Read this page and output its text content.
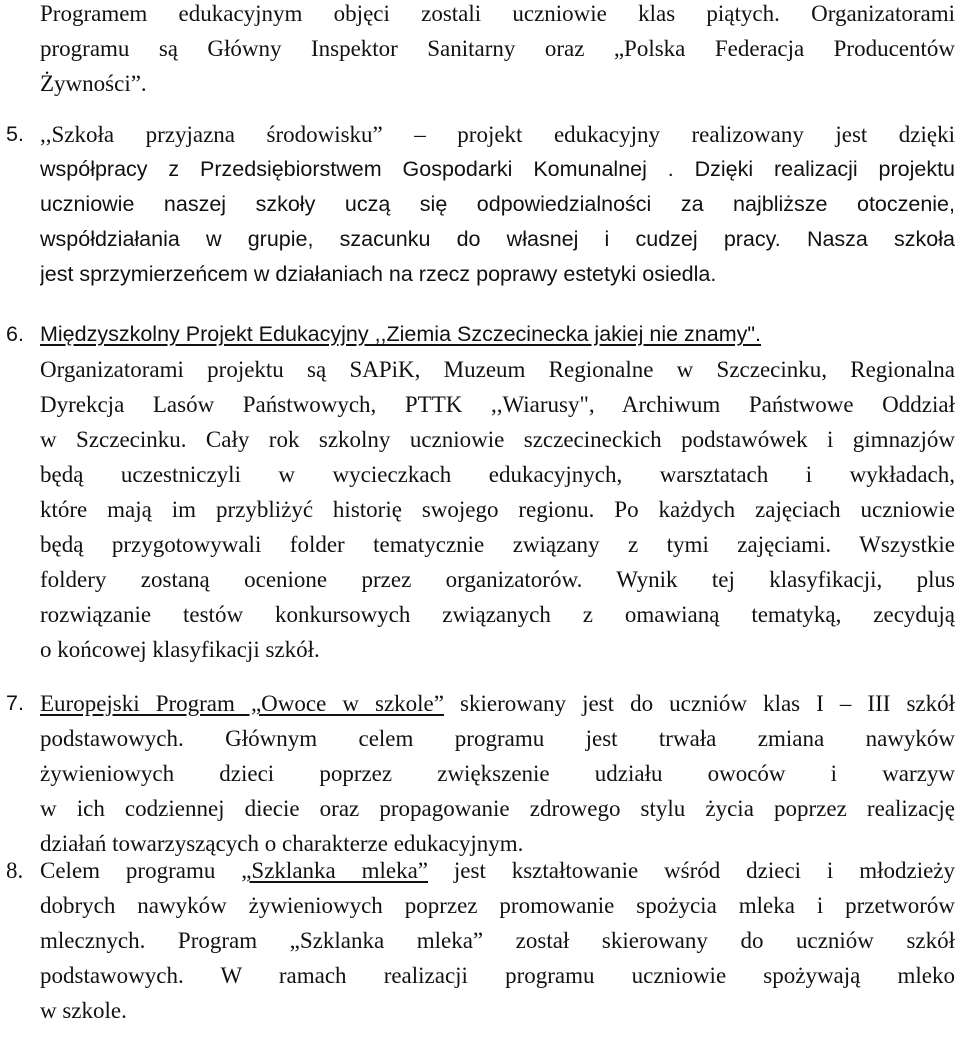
Programem edukacyjnym objęci zostali uczniowie klas piątych. Organizatorami
programu są Główny Inspektor Sanitarny oraz „Polska Federacja Producentów
Żywności”.
5. ,,Szkoła przyjazna środowisku” – projekt edukacyjny realizowany jest dzięki
współpracy z Przedsiębiorstwem Gospodarki Komunalnej . Dzięki realizacji projektu
uczniowie naszej szkoły uczą się odpowiedzialności za najbliższe otoczenie,
współdziałania w grupie, szacunku do własnej i cudzej pracy. Nasza szkoła
jest sprzymierzeńcem w działaniach na rzecz poprawy estetyki osiedla.
6. Międzyszkolny Projekt Edukacyjny ,,Ziemia Szczecinecka jakiej nie znamy".
Organizatorami projektu są SAPiK, Muzeum Regionalne w Szczecinku, Regionalna
Dyrekcja Lasów Państwowych, PTTK ,,Wiarusy", Archiwum Państwowe Oddział
w Szczecinku. Cały rok szkolny uczniowie szczecineckich podstawówek i gimnazjów
będą uczestniczyli w wycieczkach edukacyjnych, warsztatach i wykładach,
które mają im przybliżyć historię swojego regionu. Po każdych zajęciach uczniowie
będą przygotowywali folder tematycznie związany z tymi zajęciami. Wszystkie
foldery zostaną ocenione przez organizatorów. Wynik tej klasyfikacji, plus
rozwiązanie testów konkursowych związanych z omawianą tematyką, zecydują
o końcowej klasyfikacji szkół.
7. Europejski Program „Owoce w szkole” skierowany jest do uczniów klas I – III szkół
podstawowych. Głównym celem programu jest trwała zmiana nawyków
żywieniowych dzieci poprzez zwiększenie udziału owoców i warzyw
w ich codziennej diecie oraz propagowanie zdrowego stylu życia poprzez realizację
działań towarzyszących o charakterze edukacyjnym.
8. Celem programu „Szklanka mleka” jest kształtowanie wśród dzieci i młodzieży
dobrych nawyków żywieniowych poprzez promowanie spożycia mleka i przetworów
mlecznych. Program „Szklanka mleka” został skierowany do uczniów szkół
podstawowych. W ramach realizacji programu uczniowie spożywają mleko
w szkole.
